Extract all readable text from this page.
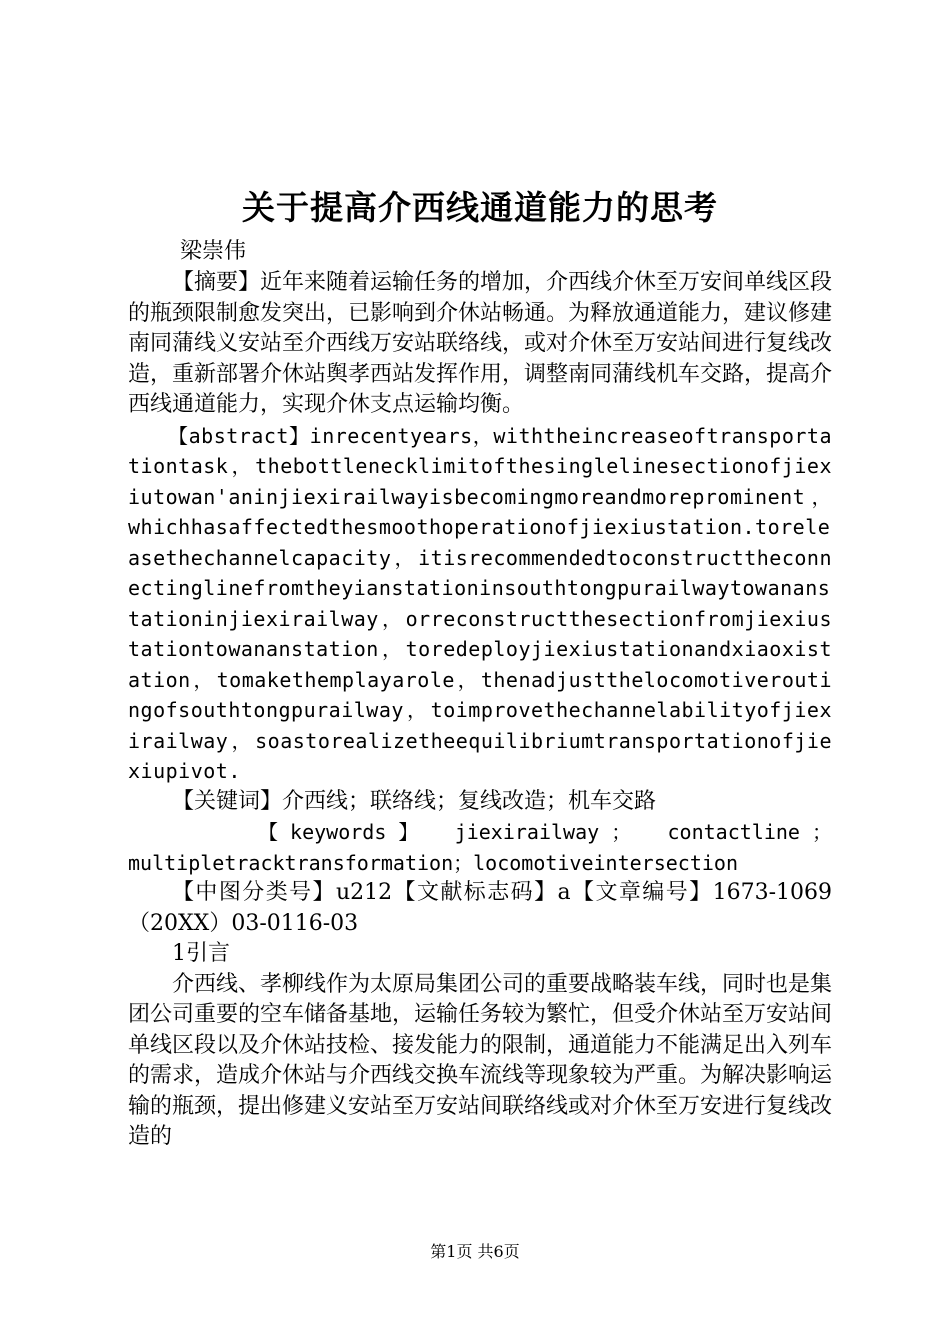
关于提高介西线通道能力的思考
梁崇伟

【摘要】近年来随着运输任务的增加，介西线介休至万安间单线区段的瓶颈限制愈发突出，已影响到介休站畅通。为释放通道能力，建议修建南同蒲线义安站至介西线万安站联络线，或对介休至万安站间进行复线改造，重新部署介休站舆孝西站发挥作用，调整南同蒲线机车交路，提高介西线通道能力，实现介休支点运输均衡。

【abstract】inrecentyears，withtheincreaseoftransportationtask，thebottlenecklimitofthesinglelinesectionofjiexiutowan'aninjiexirailwayisbecomingmoreandmoreprominent，whichhasaffectedthesmoothoperationofjiexiustation.toreleasethechannelcapacity，itisrecommendedtoconstructtheconnectinglinefromtheyianstationinsouthtongpurailwaytowananstationinjiexirailway，orreconstructthesectionfromjiexiustationtowananstation，toredeployjiexiustationandxiaoxistation，tomakethemplayarole，thenadjustthelocomotiveroutingofsouthtongpurailway，toimprovethechannelabilityofjiexirailway，soastorealizetheequilibriumtransportationofjiexiupivot.

【关键词】介西线；联络线；复线改造；机车交路

【 keywords 】 jiexirailway ； contactline ；
multipletracktransformation；locomotiveintersection

【中图分类号】u212【文献标志码】a【文章编号】1673-1069（20XX）03-0116-03

1引言

介西线、孝柳线作为太原局集团公司的重要战略装车线，同时也是集团公司重要的空车储备基地，运输任务较为繁忙，但受介休站至万安站间单线区段以及介休站技检、接发能力的限制，通道能力不能满足出入列车的需求，造成介休站与介西线交换车流线等现象较为严重。为解决影响运输的瓶颈，提出修建义安站至万安站间联络线或对介休至万安进行复线改造的

第1页 共6页
